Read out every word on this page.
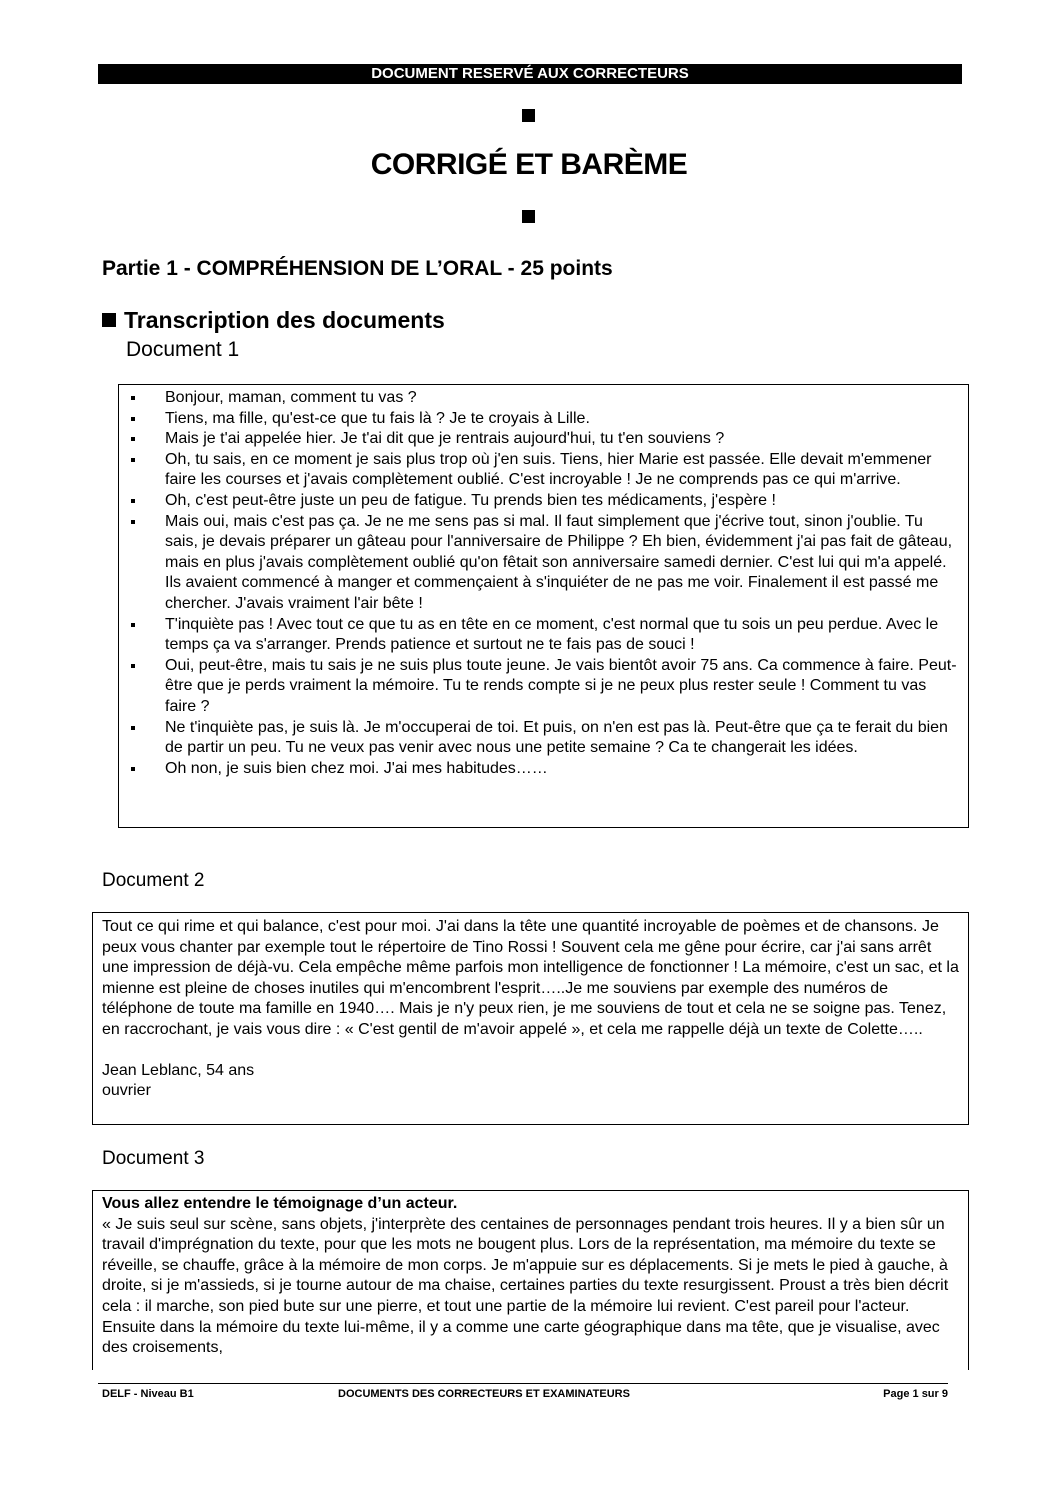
DOCUMENT RESERVÉ AUX CORRECTEURS
CORRIGÉ ET BARÈME
Partie 1 - COMPRÉHENSION DE L’ORAL - 25 points
Transcription des documents
Document 1
Bonjour, maman, comment tu vas ?
Tiens, ma fille, qu'est-ce que tu fais là ? Je te croyais à Lille.
Mais je t'ai appelée hier. Je t'ai dit que je rentrais aujourd'hui, tu t'en souviens ?
Oh, tu sais, en ce moment je sais plus trop où j'en suis. Tiens, hier Marie est passée. Elle devait m'emmener faire les courses et j'avais complètement oublié. C'est incroyable ! Je ne comprends pas ce qui m'arrive.
Oh, c'est peut-être juste un peu de fatigue. Tu prends bien tes médicaments, j'espère !
Mais oui, mais c'est pas ça. Je ne me sens pas si mal. Il faut simplement que j'écrive tout, sinon j'oublie. Tu sais, je devais préparer un gâteau pour l'anniversaire de Philippe ? Eh bien, évidemment j'ai pas fait de gâteau, mais en plus j'avais complètement oublié qu'on fêtait son anniversaire samedi dernier. C'est lui qui m'a appelé. Ils avaient commencé à manger et commençaient à s'inquiéter de ne pas me voir. Finalement il est passé me chercher. J'avais vraiment l'air bête !
T'inquiète pas ! Avec tout ce que tu as en tête en ce moment, c'est normal que tu sois un peu perdue. Avec le temps ça va s'arranger. Prends patience et surtout ne te fais pas de souci !
Oui, peut-être, mais tu sais je ne suis plus toute jeune. Je vais bientôt avoir 75 ans. Ca commence à faire. Peut-être que je perds vraiment la mémoire. Tu te rends compte si je ne peux plus rester seule ! Comment tu vas faire ?
Ne t'inquiète pas, je suis là. Je m'occuperai de toi. Et puis, on n'en est pas là. Peut-être que ça te ferait du bien de partir un peu. Tu ne veux pas venir avec nous une petite semaine ? Ca te changerait les idées.
Oh non, je suis bien chez moi. J'ai mes habitudes……
Document 2
Tout ce qui rime et qui balance, c'est pour moi. J'ai dans la tête une quantité incroyable de poèmes et de chansons. Je peux vous chanter par exemple tout le répertoire de Tino Rossi ! Souvent cela me gêne pour écrire, car j'ai sans arrêt une impression de déjà-vu. Cela empêche même parfois mon intelligence de fonctionner ! La mémoire, c'est un sac, et la mienne est pleine de choses inutiles qui m'encombrent l'esprit…..Je me souviens par exemple des numéros de téléphone de toute ma famille en 1940…. Mais je n'y peux rien, je me souviens de tout et cela ne se soigne pas. Tenez, en raccrochant, je vais vous dire : « C'est gentil de m'avoir appelé », et cela me rappelle déjà un texte de Colette…..
Jean Leblanc, 54 ans
ouvrier
Document 3
Vous allez entendre le témoignage d’un acteur.
« Je suis seul sur scène, sans objets, j'interprète des centaines de personnages pendant trois heures. Il y a bien sûr un travail d'imprégnation du texte, pour que les mots ne bougent plus. Lors de la représentation, ma mémoire du texte se réveille, se chauffe, grâce à la mémoire de mon corps. Je m'appuie sur es déplacements. Si je mets le pied à gauche, à droite, si je m'assieds, si je tourne autour de ma chaise, certaines parties du texte resurgissent. Proust a très bien décrit cela : il marche, son pied bute sur une pierre, et tout une partie de la mémoire lui revient. C'est pareil pour l'acteur. Ensuite dans la mémoire du texte lui-même, il y a comme une carte géographique dans ma tête, que je visualise, avec des croisements,
DELF - Niveau B1	DOCUMENTS DES CORRECTEURS ET EXAMINATEURS	Page 1 sur 9
